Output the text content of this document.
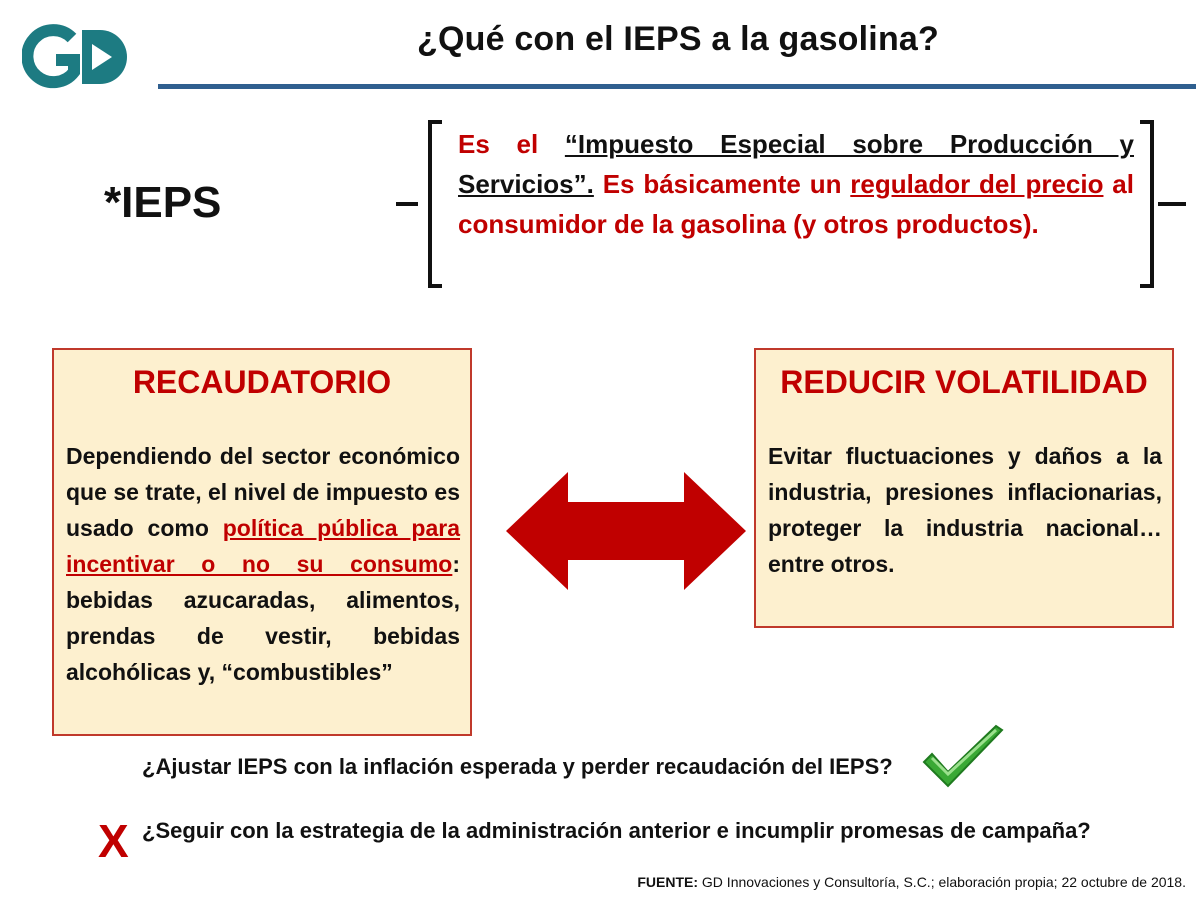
¿Qué con el IEPS a la gasolina?
*IEPS
Es el “Impuesto Especial sobre Producción y Servicios”. Es básicamente un regulador del precio al consumidor de la gasolina (y otros productos).
RECAUDATORIO
Dependiendo del sector económico que se trate, el nivel de impuesto es usado como política pública para incentivar o no su consumo: bebidas azucaradas, alimentos, prendas de vestir, bebidas alcohólicas y, “combustibles”
REDUCIR VOLATILIDAD
Evitar fluctuaciones y daños a la industria, presiones inflacionarias, proteger la industria nacional… entre otros.
¿Ajustar IEPS con la inflación esperada y perder recaudación del IEPS?
X ¿Seguir con la estrategia de la administración anterior e incumplir promesas de campaña?
FUENTE: GD Innovaciones y Consultoría, S.C.; elaboración propia; 22 octubre de 2018.
